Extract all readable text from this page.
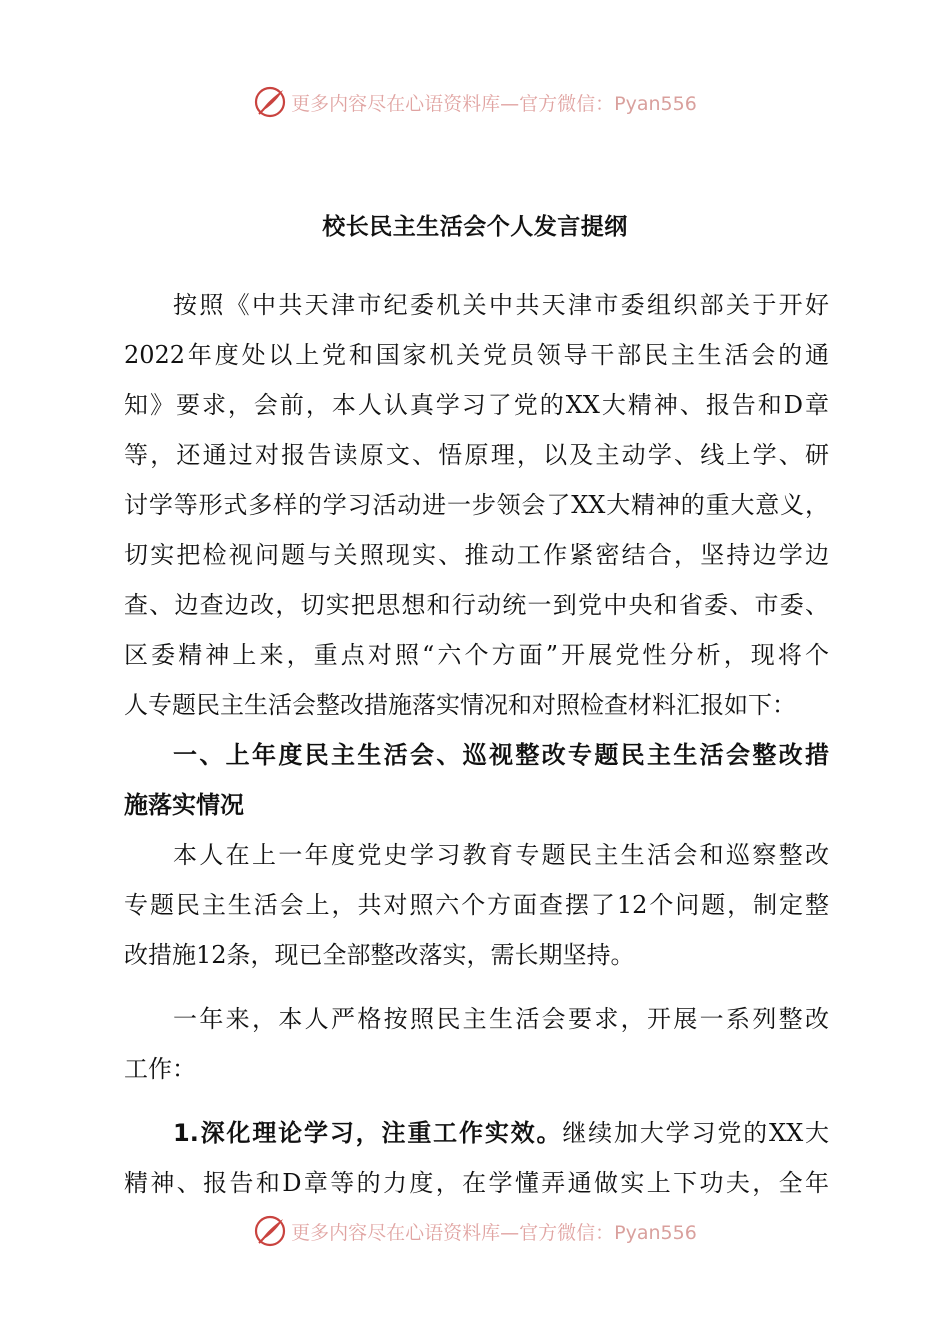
更多内容尽在心语资料库—官方微信：Pyan556
校长民主生活会个人发言提纲
按照《中共天津市纪委机关中共天津市委组织部关于开好
2022年度处以上党和国家机关党员领导干部民主生活会的通
知》要求，会前，本人认真学习了党的XX大精神、报告和D章
等，还通过对报告读原文、悟原理，以及主动学、线上学、研
讨学等形式多样的学习活动进一步领会了XX大精神的重大意义，
切实把检视问题与关照现实、推动工作紧密结合，坚持边学边
查、边查边改，切实把思想和行动统一到党中央和省委、市委、
区委精神上来，重点对照“六个方面”开展党性分析，现将个
人专题民主生活会整改措施落实情况和对照检查材料汇报如下：
一、上年度民主生活会、巡视整改专题民主生活会整改措
施落实情况
本人在上一年度党史学习教育专题民主生活会和巡察整改
专题民主生活会上，共对照六个方面查摆了12个问题，制定整
改措施12条，现已全部整改落实，需长期坚持。
一年来，本人严格按照民主生活会要求，开展一系列整改
工作：
1.深化理论学习，注重工作实效。继续加大学习党的XX大
精神、报告和D章等的力度，在学懂弄通做实上下功夫，全年
更多内容尽在心语资料库—官方微信：Pyan556
